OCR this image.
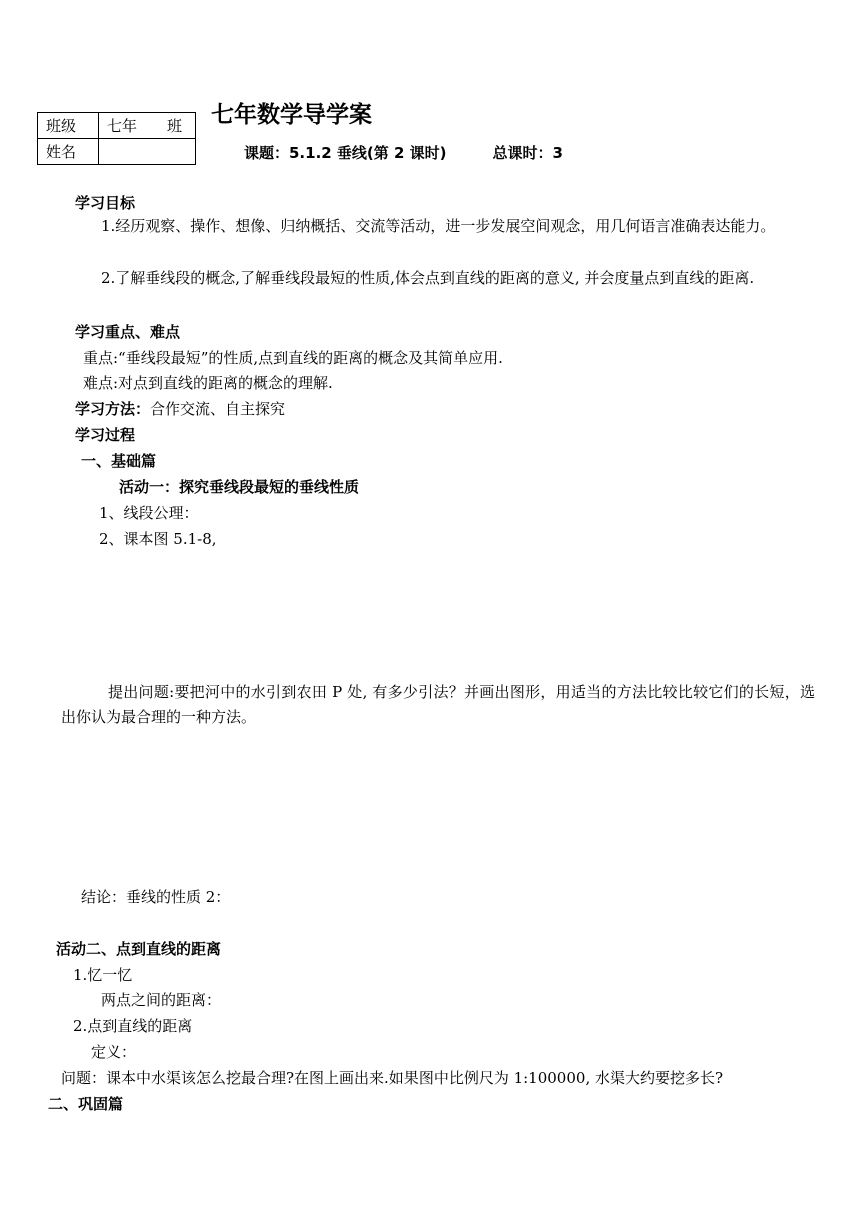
班级	七年　　班
姓名	
七年数学导学案
课题：5.1.2 垂线(第 2 课时)	总课时：3
学习目标
1.经历观察、操作、想像、归纳概括、交流等活动，进一步发展空间观念，用几何语言准确表达能力。
2.了解垂线段的概念,了解垂线段最短的性质,体会点到直线的距离的意义, 并会度量点到直线的距离.
学习重点、难点
重点:“垂线段最短”的性质,点到直线的距离的概念及其简单应用.
难点:对点到直线的距离的概念的理解.
学习方法：合作交流、自主探究
学习过程
一、基础篇
活动一：探究垂线段最短的垂线性质
1、线段公理：
2、课本图 5.1-8,
提出问题:要把河中的水引到农田 P 处, 有多少引法？并画出图形，用适当的方法比较比较它们的长短，选出你认为最合理的一种方法。
结论：垂线的性质 2：
活动二、点到直线的距离
1.忆一忆
两点之间的距离：
2.点到直线的距离
定义：
问题：课本中水渠该怎么挖最合理?在图上画出来.如果图中比例尺为 1:100000, 水渠大约要挖多长?
二、巩固篇
